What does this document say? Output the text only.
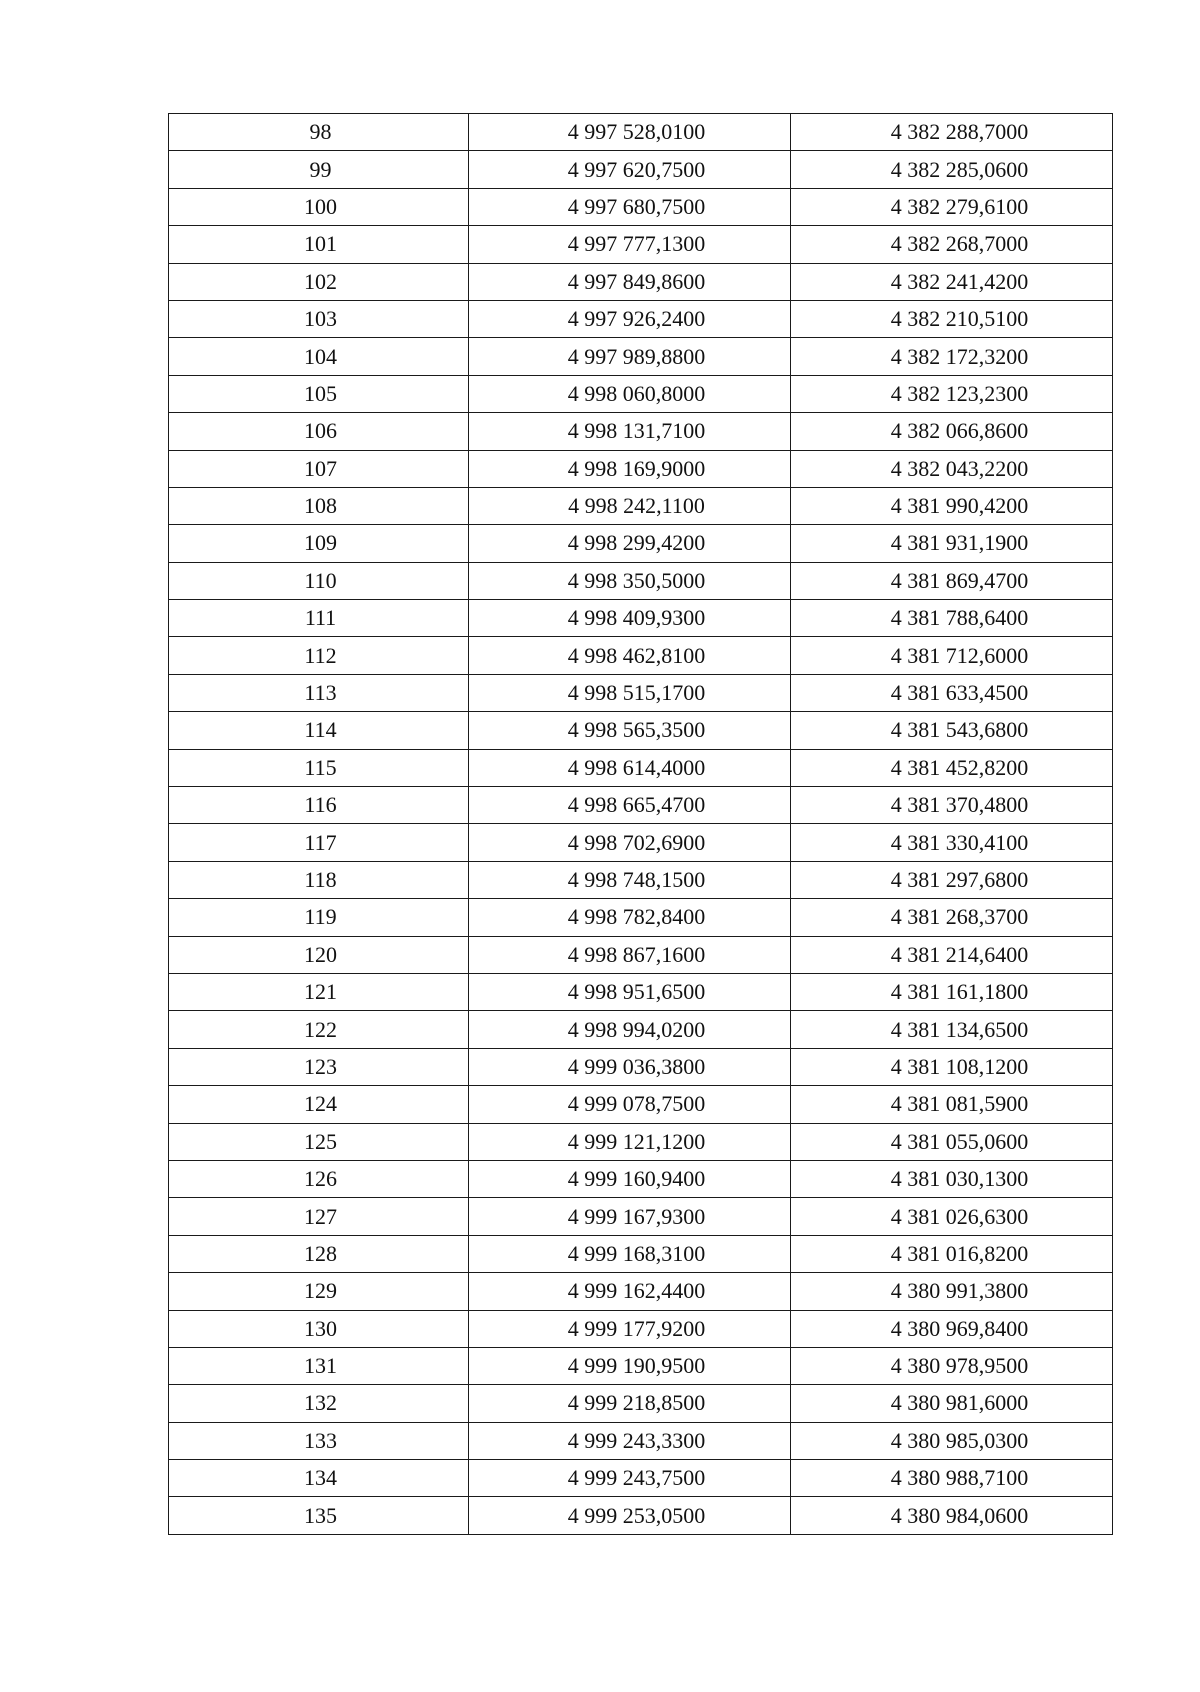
98	4 997 528,0100	4 382 288,7000
99	4 997 620,7500	4 382 285,0600
100	4 997 680,7500	4 382 279,6100
101	4 997 777,1300	4 382 268,7000
102	4 997 849,8600	4 382 241,4200
103	4 997 926,2400	4 382 210,5100
104	4 997 989,8800	4 382 172,3200
105	4 998 060,8000	4 382 123,2300
106	4 998 131,7100	4 382 066,8600
107	4 998 169,9000	4 382 043,2200
108	4 998 242,1100	4 381 990,4200
109	4 998 299,4200	4 381 931,1900
110	4 998 350,5000	4 381 869,4700
111	4 998 409,9300	4 381 788,6400
112	4 998 462,8100	4 381 712,6000
113	4 998 515,1700	4 381 633,4500
114	4 998 565,3500	4 381 543,6800
115	4 998 614,4000	4 381 452,8200
116	4 998 665,4700	4 381 370,4800
117	4 998 702,6900	4 381 330,4100
118	4 998 748,1500	4 381 297,6800
119	4 998 782,8400	4 381 268,3700
120	4 998 867,1600	4 381 214,6400
121	4 998 951,6500	4 381 161,1800
122	4 998 994,0200	4 381 134,6500
123	4 999 036,3800	4 381 108,1200
124	4 999 078,7500	4 381 081,5900
125	4 999 121,1200	4 381 055,0600
126	4 999 160,9400	4 381 030,1300
127	4 999 167,9300	4 381 026,6300
128	4 999 168,3100	4 381 016,8200
129	4 999 162,4400	4 380 991,3800
130	4 999 177,9200	4 380 969,8400
131	4 999 190,9500	4 380 978,9500
132	4 999 218,8500	4 380 981,6000
133	4 999 243,3300	4 380 985,0300
134	4 999 243,7500	4 380 988,7100
135	4 999 253,0500	4 380 984,0600
